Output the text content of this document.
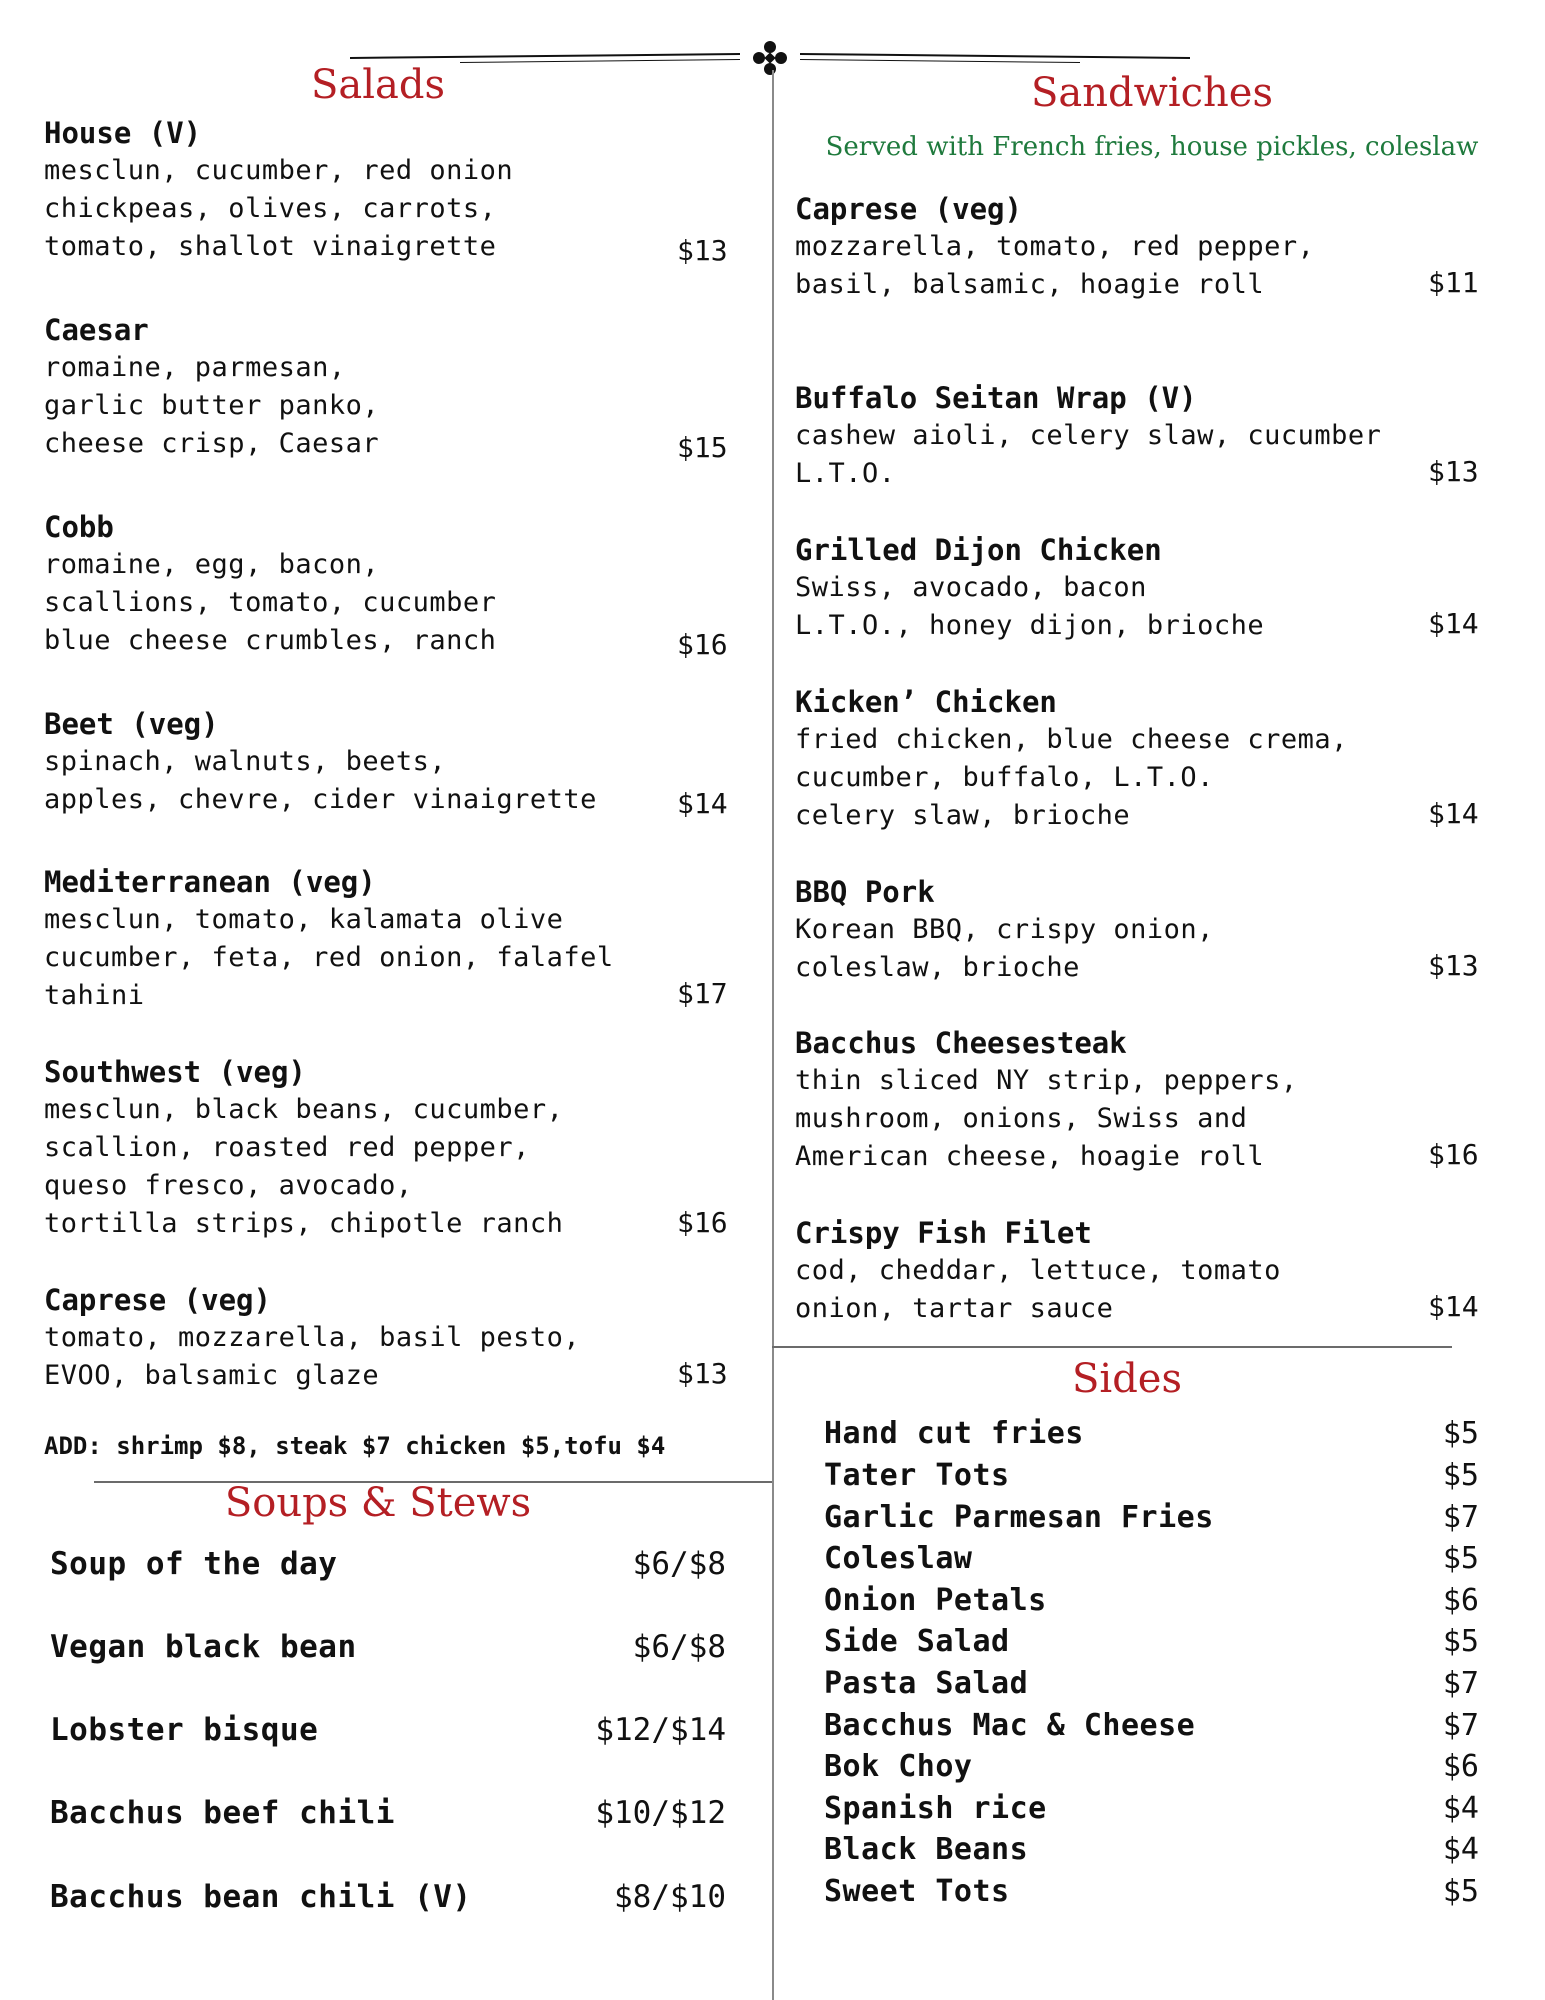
Salads
House (V)
mesclun, cucumber, red onion
chickpeas, olives, carrots,
tomato, shallot vinaigrette	$13
Caesar
romaine, parmesan,
garlic butter panko,
cheese crisp, Caesar	$15
Cobb
romaine, egg, bacon,
scallions, tomato, cucumber
blue cheese crumbles, ranch	$16
Beet (veg)
spinach, walnuts, beets,
apples, chevre, cider vinaigrette	$14
Mediterranean (veg)
mesclun, tomato, kalamata olive
cucumber, feta, red onion, falafel
tahini	$17
Southwest (veg)
mesclun, black beans, cucumber,
scallion, roasted red pepper,
queso fresco, avocado,
tortilla strips, chipotle ranch	$16
Caprese (veg)
tomato, mozzarella, basil pesto,
EVOO, balsamic glaze	$13
ADD: shrimp $8, steak $7 chicken $5,tofu $4
Soups & Stews
Soup of the day	$6/$8
Vegan black bean	$6/$8
Lobster bisque	$12/$14
Bacchus beef chili	$10/$12
Bacchus bean chili (V)	$8/$10
Sandwiches
Served with French fries, house pickles, coleslaw
Caprese (veg)
mozzarella, tomato, red pepper,
basil, balsamic, hoagie roll	$11
Buffalo Seitan Wrap (V)
cashew aioli, celery slaw, cucumber
L.T.O.	$13
Grilled Dijon Chicken
Swiss, avocado, bacon
L.T.O., honey dijon, brioche	$14
Kicken’ Chicken
fried chicken, blue cheese crema,
cucumber, buffalo, L.T.O.
celery slaw, brioche	$14
BBQ Pork
Korean BBQ, crispy onion,
coleslaw, brioche	$13
Bacchus Cheesesteak
thin sliced NY strip, peppers,
mushroom, onions, Swiss and
American cheese, hoagie roll	$16
Crispy Fish Filet
cod, cheddar, lettuce, tomato
onion, tartar sauce	$14
Sides
Hand cut fries	$5
Tater Tots	$5
Garlic Parmesan Fries	$7
Coleslaw	$5
Onion Petals	$6
Side Salad	$5
Pasta Salad	$7
Bacchus Mac & Cheese	$7
Bok Choy	$6
Spanish rice	$4
Black Beans	$4
Sweet Tots	$5
